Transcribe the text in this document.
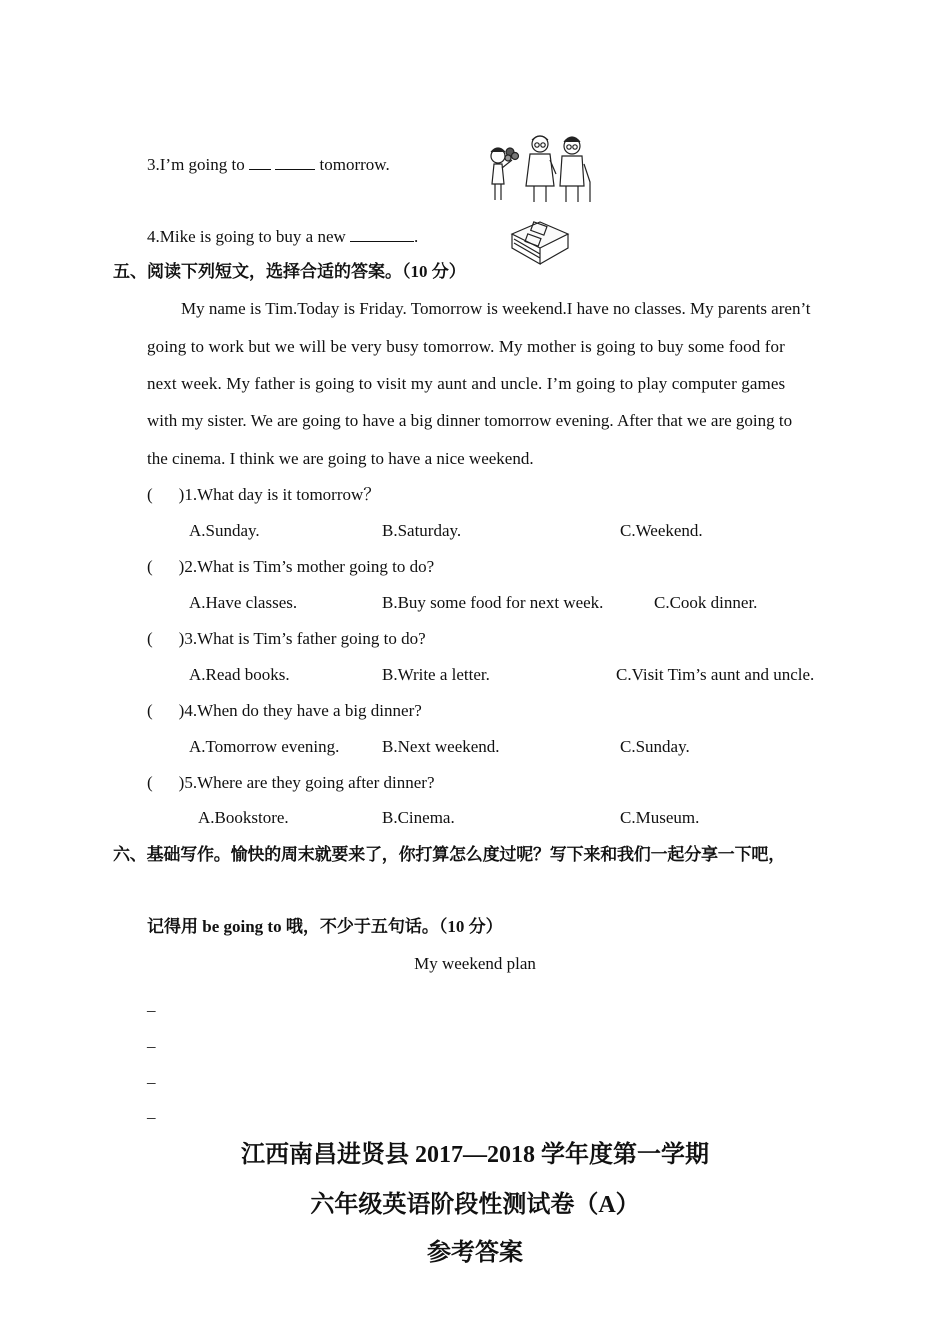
3.I’m going to	tomorrow.
4.Mike is going to buy a new	.
五、阅读下列短文，选择合适的答案。（10 分）
My name is Tim.Today is Friday. Tomorrow is weekend.I have no classes. My parents aren’t
going to work but we will be very busy tomorrow. My mother is going to buy some food for
next week. My father is going to visit my aunt and uncle. I’m going to play computer games
with my sister. We are going to have a big dinner tomorrow evening. After that we are going to
the cinema. I think we are going to have a nice weekend.
( )1.What day is it tomorrow？
A.Sunday.	B.Saturday.	C.Weekend.
( )2.What is Tim’s mother going to do?
A.Have classes.	B.Buy some food for next week.	C.Cook dinner.
( )3.What is Tim’s father going to do?
A.Read books.	B.Write a letter.	C.Visit Tim’s aunt and uncle.
( )4.When do they have a big dinner?
A.Tomorrow evening.	B.Next weekend.	C.Sunday.
( )5.Where are they going after dinner?
A.Bookstore.	B.Cinema.	C.Museum.
六、基础写作。愉快的周末就要来了，你打算怎么度过呢？写下来和我们一起分享一下吧，
记得用 be going to 哦，不少于五句话。（10 分）
My weekend plan
_
_
_
_
江西南昌进贤县 2017—2018 学年度第一学期
六年级英语阶段性测试卷（A）
参考答案
